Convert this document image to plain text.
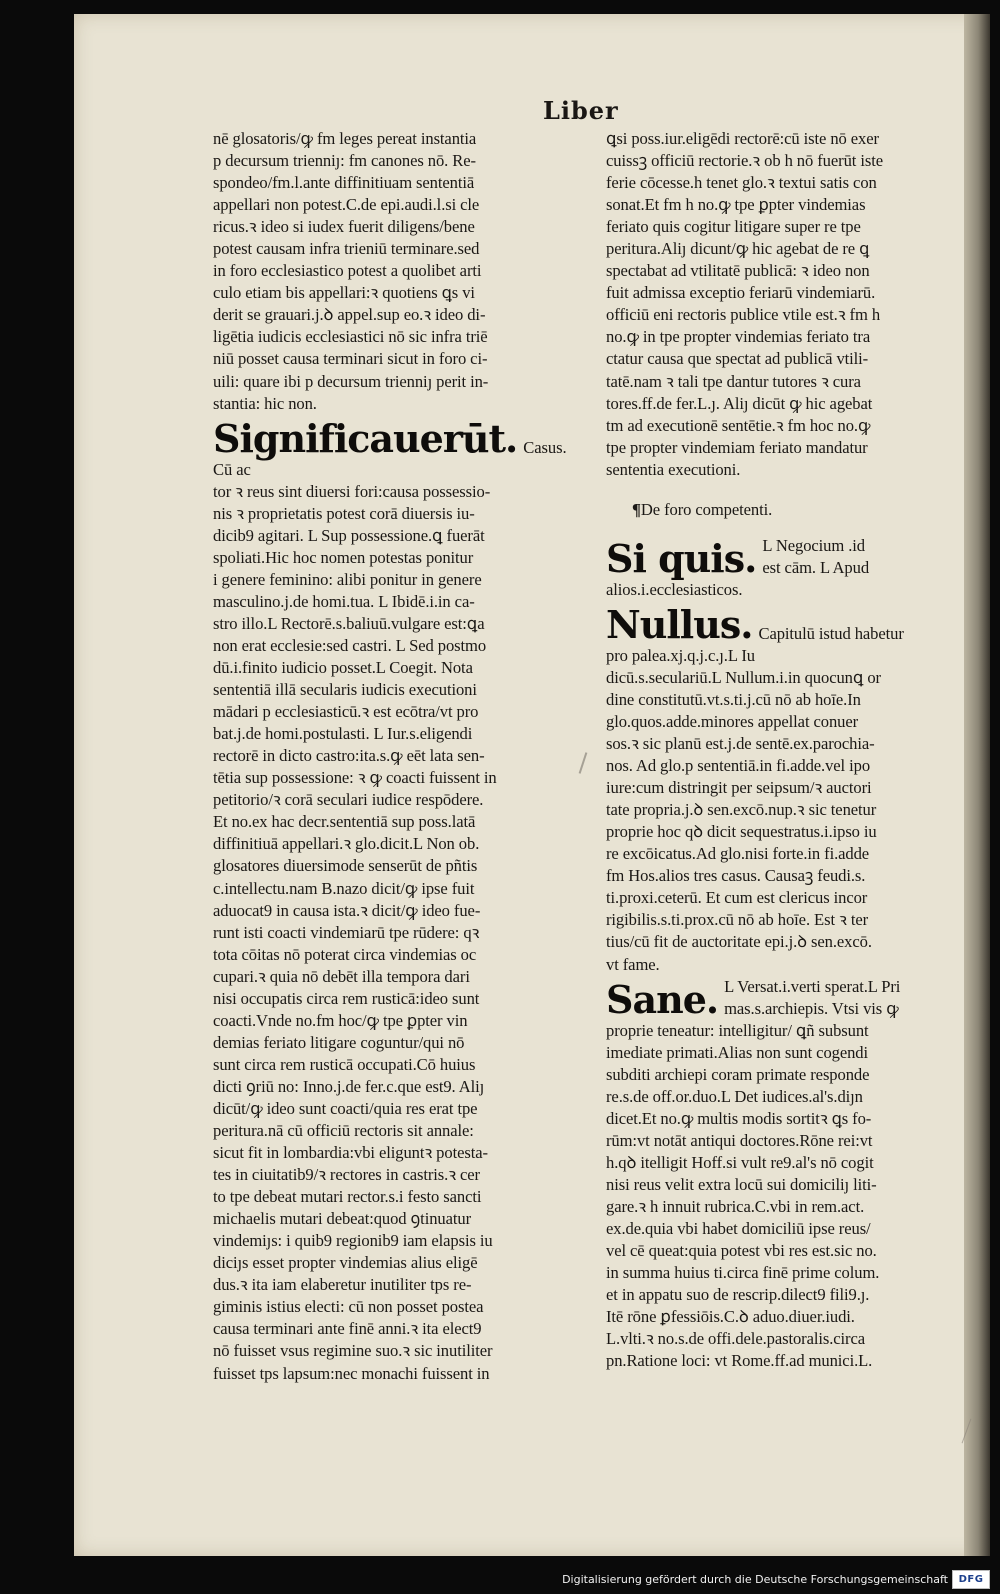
Liber
nē glosatoris/ꝙ fm leges pereat instantia
p decursum trienniȷ: fm canones nō. Re-
spondeo/fm.l.ante diffinitiuam sententiā
appellari non potest.C.de epi.audi.l.si cle
ricus.ꝛ ideo si iudex fuerit diligens/bene
potest causam infra trieniū terminare.sed
in foro ecclesiastico potest a quolibet arti
culo etiam bis appellari:ꝛ quotiens ꝗs vi
derit se grauari.j.ꝺ appel.sup eo.ꝛ ideo di-
ligētia iudicis ecclesiastici nō sic infra triē
niū posset causa terminari sicut in foro ci-
uili: quare ibi p decursum trienniȷ perit in-
stantia: hic non.
Significauerūt. Casus.
Cū ac
tor ꝛ reus sint diuersi fori:causa possessio-
nis ꝛ proprietatis potest corā diuersis iu-
dicib9 agitari. L Sup possessione.ꝗ fuerāt
spoliati.Hic hoc nomen potestas ponitur
i genere feminino: alibi ponitur in genere
masculino.j.de homi.tua. L Ibidē.i.in ca-
stro illo.L Rectorē.s.baliuū.vulgare est:ꝗa
non erat ecclesie:sed castri. L Sed postmo
dū.i.finito iudicio posset.L Coegit. Nota
sententiā illā secularis iudicis executioni
mādari p ecclesiasticū.ꝛ est ecōtra/vt pro
bat.j.de homi.postulasti. L Iur.s.eligendi
rectorē in dicto castro:ita.s.ꝙ eēt lata sen-
tētia sup possessione: ꝛ ꝙ coacti fuissent in
petitorio/ꝛ corā seculari iudice respōdere.
Et no.ex hac decr.sententiā sup poss.latā
diffinitiuā appellari.ꝛ glo.dicit.L Non ob.
glosatores diuersimode senserūt de pñtis
c.intellectu.nam B.nazo dicit/ꝙ ipse fuit
aduocat9 in causa ista.ꝛ dicit/ꝙ ideo fue-
runt isti coacti vindemiarū tpe rūdere: qꝛ
tota cōitas nō poterat circa vindemias oc
cupari.ꝛ quia nō debēt illa tempora dari
nisi occupatis circa rem rusticā:ideo sunt
coacti.Vnde no.fm hoc/ꝙ tpe ꝑpter vin
demias feriato litigare coguntur/qui nō
sunt circa rem rusticā occupati.Cō huius
dicti ꝯriū no: Inno.j.de fer.c.que est9. Aliȷ
dicūt/ꝙ ideo sunt coacti/quia res erat tpe
peritura.nā cū officiū rectoris sit annale:
sicut fit in lombardia:vbi eliguntꝛ potesta-
tes in ciuitatib9/ꝛ rectores in castris.ꝛ cer
to tpe debeat mutari rector.s.i festo sancti
michaelis mutari debeat:quod ꝯtinuatur
vindemiȷs: i quib9 regionib9 iam elapsis iu
diciȷs esset propter vindemias alius eligē
dus.ꝛ ita iam elaberetur inutiliter tps re-
giminis istius electi: cū non posset postea
causa terminari ante finē anni.ꝛ ita elect9
nō fuisset vsus regimine suo.ꝛ sic inutiliter
fuisset tps lapsum:nec monachi fuissent in
ꝗsi poss.iur.eligēdi rectorē:cū iste nō exer
cuissꝫ officiū rectorie.ꝛ ob h nō fuerūt iste
ferie cōcesse.h tenet glo.ꝛ textui satis con
sonat.Et fm h no.ꝙ tpe ꝑpter vindemias
feriato quis cogitur litigare super re tpe
peritura.Aliȷ dicunt/ꝙ hic agebat de re ꝗ
spectabat ad vtilitatē publicā: ꝛ ideo non
fuit admissa exceptio feriarū vindemiarū.
officiū eni rectoris publice vtile est.ꝛ fm h
no.ꝙ in tpe propter vindemias feriato tra
ctatur causa que spectat ad publicā vtili-
tatē.nam ꝛ tali tpe dantur tutores ꝛ cura
tores.ff.de fer.L.ȷ. Aliȷ dicūt ꝙ hic agebat
tm ad executionē sentētie.ꝛ fm hoc no.ꝙ
tpe propter vindemiam feriato mandatur
sententia executioni.
¶De foro competenti.
Si quis. L Negocium .id
est cām. L Apud
alios.i.ecclesiasticos.
Nullus. Capitulū istud habetur
pro palea.xj.q.j.c.ȷ.L Iu
dicū.s.seculariū.L Nullum.i.in quocunꝗ or
dine constitutū.vt.s.ti.j.cū nō ab hoīe.In
glo.quos.adde.minores appellat conuer
sos.ꝛ sic planū est.j.de sentē.ex.parochia-
nos. Ad glo.p sententiā.in fi.adde.vel ipo
iure:cum distringit per seipsum/ꝛ auctori
tate propria.j.ꝺ sen.excō.nup.ꝛ sic tenetur
proprie hoc qꝺ dicit sequestratus.i.ipso iu
re excōicatus.Ad glo.nisi forte.in fi.adde
fm Hos.alios tres casus. Causaꝫ feudi.s.
ti.proxi.ceterū. Et cum est clericus incor
rigibilis.s.ti.prox.cū nō ab hoīe. Est ꝛ ter
tius/cū fit de auctoritate epi.j.ꝺ sen.excō.
vt fame.
Sane. L Versat.i.verti sperat.L Pri
mas.s.archiepis. Vtsi vis ꝙ
proprie teneatur: intelligitur/ ꝗñ subsunt
imediate primati.Alias non sunt cogendi
subditi archiepi coram primate responde
re.s.de off.or.duo.L Det iudices.al's.diȷn
dicet.Et no.ꝙ multis modis sortitꝛ ꝗs fo-
rūm:vt notāt antiqui doctores.Rōne rei:vt
h.qꝺ itelligit Hoff.si vult re9.al's nō cogit
nisi reus velit extra locū sui domiciliȷ liti-
gare.ꝛ h innuit rubrica.C.vbi in rem.act.
ex.de.quia vbi habet domiciliū ipse reus/
vel cē queat:quia potest vbi res est.sic no.
in summa huius ti.circa finē prime colum.
et in appatu suo de rescrip.dilect9 fili9.ȷ.
Itē rōne ꝑfessiōis.C.ꝺ aduo.diuer.iudi.
L.vlti.ꝛ no.s.de offi.dele.pastoralis.circa
pn.Ratione loci: vt Rome.ff.ad munici.L.
Digitalisierung gefördert durch die Deutsche Forschungsgemeinschaft DFG
